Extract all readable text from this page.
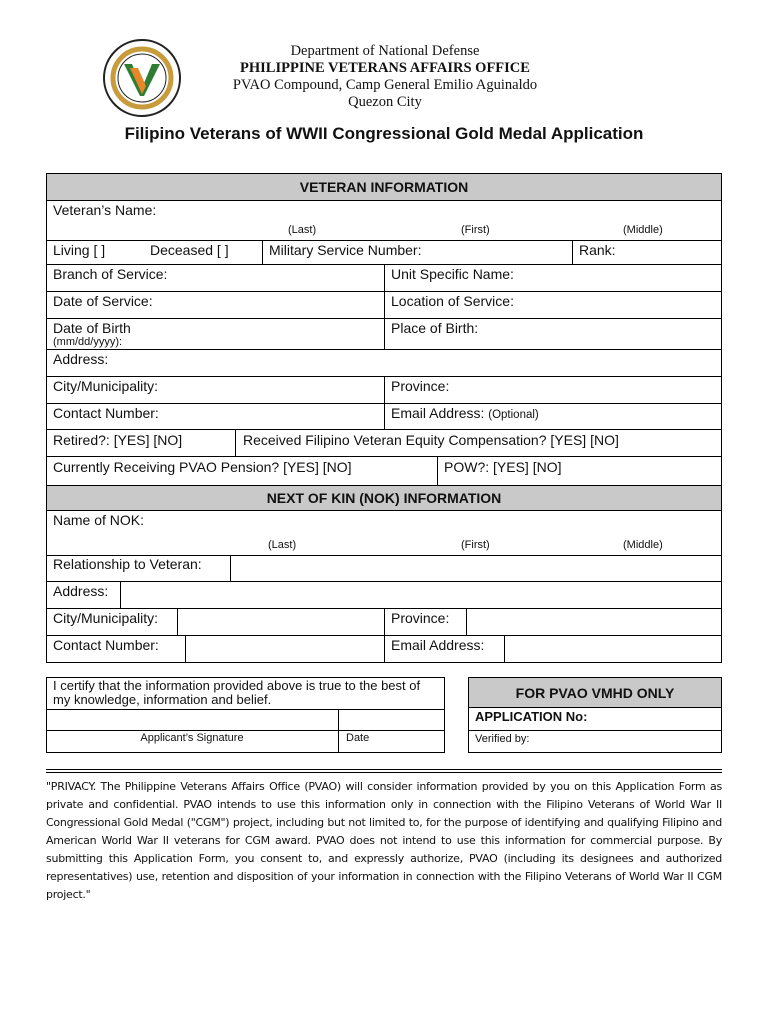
Department of National Defense
PHILIPPINE VETERANS AFFAIRS OFFICE
PVAO Compound, Camp General Emilio Aguinaldo
Quezon City
Filipino Veterans of WWII Congressional Gold Medal Application
VETERAN INFORMATION
Veteran’s Name:
(Last)	(First)	(Middle)
Living [ ]	Deceased [ ]	Military Service Number:	Rank:
Branch of Service:	Unit Specific Name:
Date of Service:	Location of Service:
Date of Birth
(mm/dd/yyyy):
Place of Birth:
Address:
City/Municipality:	Province:
Contact Number:	Email Address: (Optional)
Retired?: [YES] [NO]	Received Filipino Veteran Equity Compensation? [YES] [NO]
Currently Receiving PVAO Pension? [YES] [NO]	POW?: [YES] [NO]
NEXT OF KIN (NOK) INFORMATION
Name of NOK:
(Last)	(First)	(Middle)
Relationship to Veteran:
Address:
City/Municipality:	Province:
Contact Number:	Email Address:
I certify that the information provided above is true to the best of my knowledge, information and belief.
Applicant’s Signature	Date
FOR PVAO VMHD ONLY
APPLICATION No:
Verified by:
"PRIVACY. The Philippine Veterans Affairs Office (PVAO) will consider information provided by you on this Application Form as private and confidential. PVAO intends to use this information only in connection with the Filipino Veterans of World War II Congressional Gold Medal ("CGM") project, including but not limited to, for the purpose of identifying and qualifying Filipino and American World War II veterans for CGM award. PVAO does not intend to use this information for commercial purpose. By submitting this Application Form, you consent to, and expressly authorize, PVAO (including its designees and authorized representatives) use, retention and disposition of your information in connection with the Filipino Veterans of World War II CGM project."
